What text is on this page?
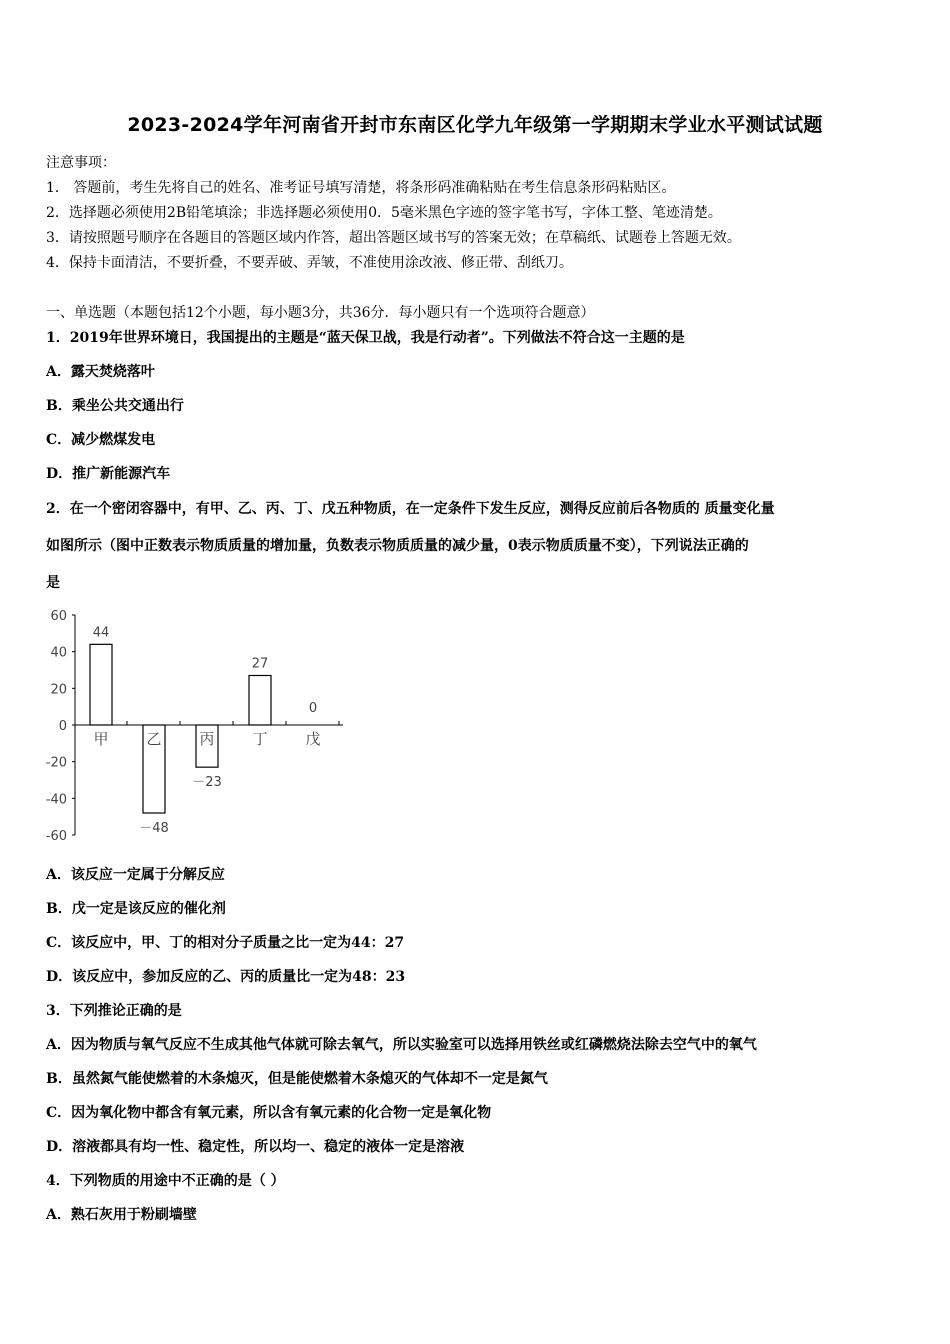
2023-2024学年河南省开封市东南区化学九年级第一学期期末学业水平测试试题
注意事项：
1． 答题前，考生先将自己的姓名、准考证号填写清楚，将条形码准确粘贴在考生信息条形码粘贴区。
2．选择题必须使用2B铅笔填涂；非选择题必须使用0．5毫米黑色字迹的签字笔书写，字体工整、笔迹清楚。
3．请按照题号顺序在各题目的答题区域内作答，超出答题区域书写的答案无效；在草稿纸、试题卷上答题无效。
4．保持卡面清洁，不要折叠，不要弄破、弄皱，不准使用涂改液、修正带、刮纸刀。
一、单选题（本题包括12个小题，每小题3分，共36分．每小题只有一个选项符合题意）
1．2019年世界环境日，我国提出的主题是“蓝天保卫战，我是行动者”。下列做法不符合这一主题的是
A．露天焚烧落叶
B．乘坐公共交通出行
C．减少燃煤发电
D．推广新能源汽车
2．在一个密闭容器中，有甲、乙、丙、丁、戊五种物质，在一定条件下发生反应，测得反应前后各物质的 质量变化量
如图所示（图中正数表示物质质量的增加量，负数表示物质质量的减少量，0表示物质质量不变），下列说法正确的
是
60
40
20
0
-20
-40
-60
甲
44
乙
－48
丙
－23
丁
27
戊
0
A．该反应一定属于分解反应
B．戊一定是该反应的催化剂
C．该反应中，甲、丁的相对分子质量之比一定为44：27
D．该反应中，参加反应的乙、丙的质量比一定为48：23
3．下列推论正确的是
A．因为物质与氧气反应不生成其他气体就可除去氧气，所以实验室可以选择用铁丝或红磷燃烧法除去空气中的氧气
B．虽然氮气能使燃着的木条熄灭，但是能使燃着木条熄灭的气体却不一定是氮气
C．因为氧化物中都含有氧元素，所以含有氧元素的化合物一定是氧化物
D．溶液都具有均一性、稳定性，所以均一、稳定的液体一定是溶液
4．下列物质的用途中不正确的是（ ）
A．熟石灰用于粉刷墙壁
